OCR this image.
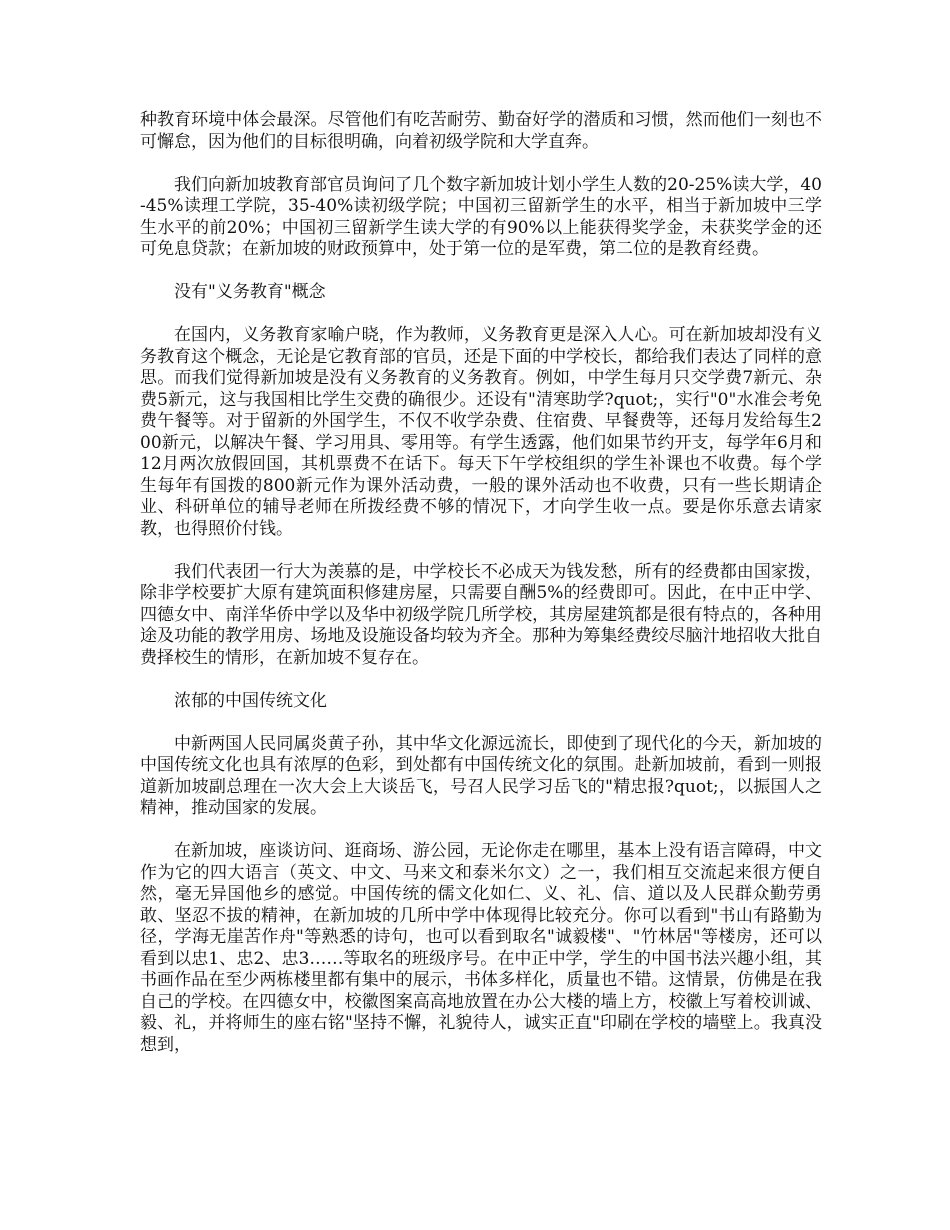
种教育环境中体会最深。尽管他们有吃苦耐劳、勤奋好学的潜质和习惯，然而他们一刻也不可懈怠，因为他们的目标很明确，向着初级学院和大学直奔。

我们向新加坡教育部官员询问了几个数字新加坡计划小学生人数的20-25%读大学，40-45%读理工学院，35-40%读初级学院；中国初三留新学生的水平，相当于新加坡中三学生水平的前20%；中国初三留新学生读大学的有90%以上能获得奖学金，未获奖学金的还可免息贷款；在新加坡的财政预算中，处于第一位的是军费，第二位的是教育经费。

没有"义务教育"概念

在国内，义务教育家喻户晓，作为教师，义务教育更是深入人心。可在新加坡却没有义务教育这个概念，无论是它教育部的官员，还是下面的中学校长，都给我们表达了同样的意思。而我们觉得新加坡是没有义务教育的义务教育。例如，中学生每月只交学费7新元、杂费5新元，这与我国相比学生交费的确很少。还设有"清寒助学?quot;，实行"0"水准会考免费午餐等。对于留新的外国学生，不仅不收学杂费、住宿费、早餐费等，还每月发给每生200新元，以解决午餐、学习用具、零用等。有学生透露，他们如果节约开支，每学年6月和12月两次放假回国，其机票费不在话下。每天下午学校组织的学生补课也不收费。每个学生每年有国拨的800新元作为课外活动费，一般的课外活动也不收费，只有一些长期请企业、科研单位的辅导老师在所拨经费不够的情况下，才向学生收一点。要是你乐意去请家教，也得照价付钱。

我们代表团一行大为羡慕的是，中学校长不必成天为钱发愁，所有的经费都由国家拨，除非学校要扩大原有建筑面积修建房屋，只需要自酬5%的经费即可。因此，在中正中学、四德女中、南洋华侨中学以及华中初级学院几所学校，其房屋建筑都是很有特点的，各种用途及功能的教学用房、场地及设施设备均较为齐全。那种为筹集经费绞尽脑汁地招收大批自费择校生的情形，在新加坡不复存在。

浓郁的中国传统文化

中新两国人民同属炎黄子孙，其中华文化源远流长，即使到了现代化的今天，新加坡的中国传统文化也具有浓厚的色彩，到处都有中国传统文化的氛围。赴新加坡前，看到一则报道新加坡副总理在一次大会上大谈岳飞，号召人民学习岳飞的"精忠报?quot;，以振国人之精神，推动国家的发展。

在新加坡，座谈访问、逛商场、游公园，无论你走在哪里，基本上没有语言障碍，中文作为它的四大语言（英文、中文、马来文和泰米尔文）之一，我们相互交流起来很方便自然，毫无异国他乡的感觉。中国传统的儒文化如仁、义、礼、信、道以及人民群众勤劳勇敢、坚忍不拔的精神，在新加坡的几所中学中体现得比较充分。你可以看到"书山有路勤为径，学海无崖苦作舟"等熟悉的诗句，也可以看到取名"诚毅楼"、"竹林居"等楼房，还可以看到以忠1、忠2、忠3……等取名的班级序号。在中正中学，学生的中国书法兴趣小组，其书画作品在至少两栋楼里都有集中的展示，书体多样化，质量也不错。这情景，仿佛是在我自己的学校。在四德女中，校徽图案高高地放置在办公大楼的墙上方，校徽上写着校训诚、毅、礼，并将师生的座右铭"坚持不懈，礼貌待人，诚实正直"印刷在学校的墙壁上。我真没想到，
